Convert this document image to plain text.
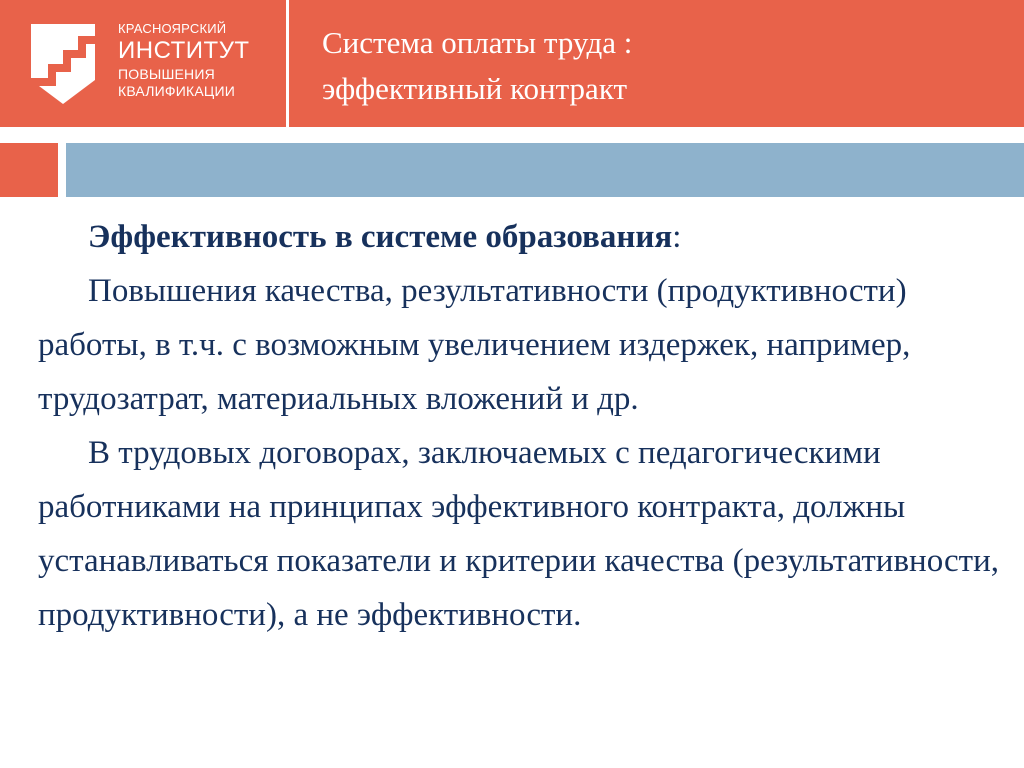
КРАСНОЯРСКИЙ
ИНСТИТУТ
ПОВЫШЕНИЯ
КВАЛИФИКАЦИИ
Система оплаты труда :
эффективный контракт

Эффективность в системе образования:

Повышения качества, результативности (продуктивности) работы, в т.ч. с возможным увеличением издержек, например, трудозатрат, материальных вложений и др.

В трудовых договорах, заключаемых с педагогическими работниками на принципах эффективного контракта, должны устанавливаться показатели и критерии качества (результативности, продуктивности), а не эффективности.
